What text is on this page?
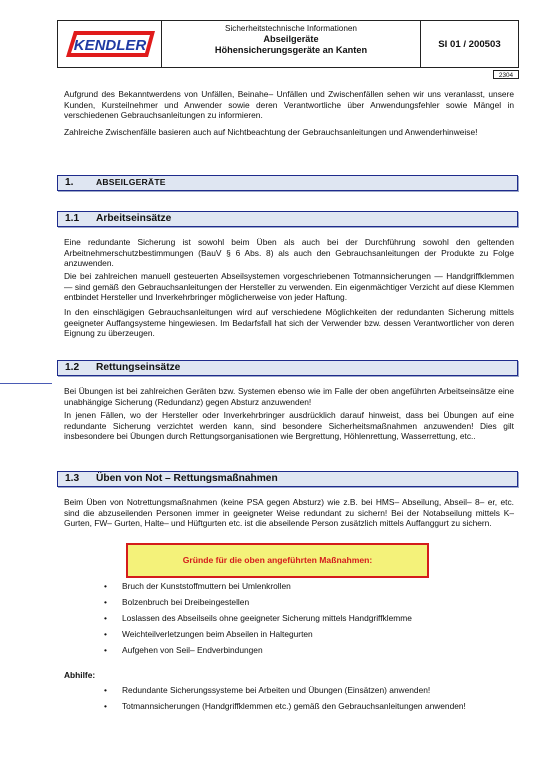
KENDLER
Sicherheitstechnische Informationen
Abseilgeräte
Höhensicherungsgeräte an Kanten
SI 01 / 200503
2304

Aufgrund des Bekanntwerdens von Unfällen, Beinahe– Unfällen und Zwischenfällen sehen wir uns veranlasst, unsere Kunden, Kursteilnehmer und Anwender sowie deren Verantwortliche über Anwendungsfehler sowie Mängel in verschiedenen Gebrauchsanleitungen zu informieren.

Zahlreiche Zwischenfälle basieren auch auf Nichtbeachtung der Gebrauchsanleitungen und Anwenderhinweise!

1.	ABSEILGERÄTE
1.1 Arbeitseinsätze

Eine redundante Sicherung ist sowohl beim Üben als auch bei der Durchführung sowohl den geltenden Arbeitnehmerschutzbestimmungen (BauV § 6 Abs. 8) als auch den Gebrauchsanleitungen der Produkte zu Folge anzuwenden.

Die bei zahlreichen manuell gesteuerten Abseilsystemen vorgeschriebenen Totmannsicherungen — Handgriffklemmen — sind gemäß den Gebrauchsanleitungen der Hersteller zu verwenden. Ein eigenmächtiger Verzicht auf diese Klemmen entbindet Hersteller und Inverkehrbringer möglicherweise von jeder Haftung.

In den einschlägigen Gebrauchsanleitungen wird auf verschiedene Möglichkeiten der redundanten Sicherung mittels geeigneter Auffangsysteme hingewiesen. Im Bedarfsfall hat sich der Verwender bzw. dessen Verantwortlicher von deren Eignung zu überzeugen.

1.2 Rettungseinsätze

Bei Übungen ist bei zahlreichen Geräten bzw. Systemen ebenso wie im Falle der oben angeführten Arbeitseinsätze eine unabhängige Sicherung (Redundanz) gegen Absturz anzuwenden!

In jenen Fällen, wo der Hersteller oder Inverkehrbringer ausdrücklich darauf hinweist, dass bei Übungen auf eine redundante Sicherung verzichtet werden kann, sind besondere Sicherheitsmaßnahmen anzuwenden! Dies gilt insbesondere bei Übungen durch Rettungsorganisationen wie Bergrettung, Höhlenrettung, Wasserrettung, etc..

1.3 Üben von Not – Rettungsmaßnahmen

Beim Üben von Notrettungsmaßnahmen (keine PSA gegen Absturz) wie z.B. bei HMS– Abseilung, Abseil– 8– er, etc. sind die abzuseilenden Personen immer in geeigneter Weise redundant zu sichern! Bei der Notabseilung mittels K– Gurten, FW– Gurten, Halte– und Hüftgurten etc. ist die abseilende Person zusätzlich mittels Auffanggurt zu sichern.

Gründe für die oben angeführten Maßnahmen:
• Bruch der Kunststoffmuttern bei Umlenkrollen
• Bolzenbruch bei Dreibeingestellen
• Loslassen des Abseilseils ohne geeigneter Sicherung mittels Handgriffklemme
• Weichteilverletzungen beim Abseilen in Haltegurten
• Aufgehen von Seil– Endverbindungen
Abhilfe:
• Redundante Sicherungssysteme bei Arbeiten und Übungen (Einsätzen) anwenden!
• Totmannsicherungen (Handgriffklemmen etc.) gemäß den Gebrauchsanleitungen anwenden!
